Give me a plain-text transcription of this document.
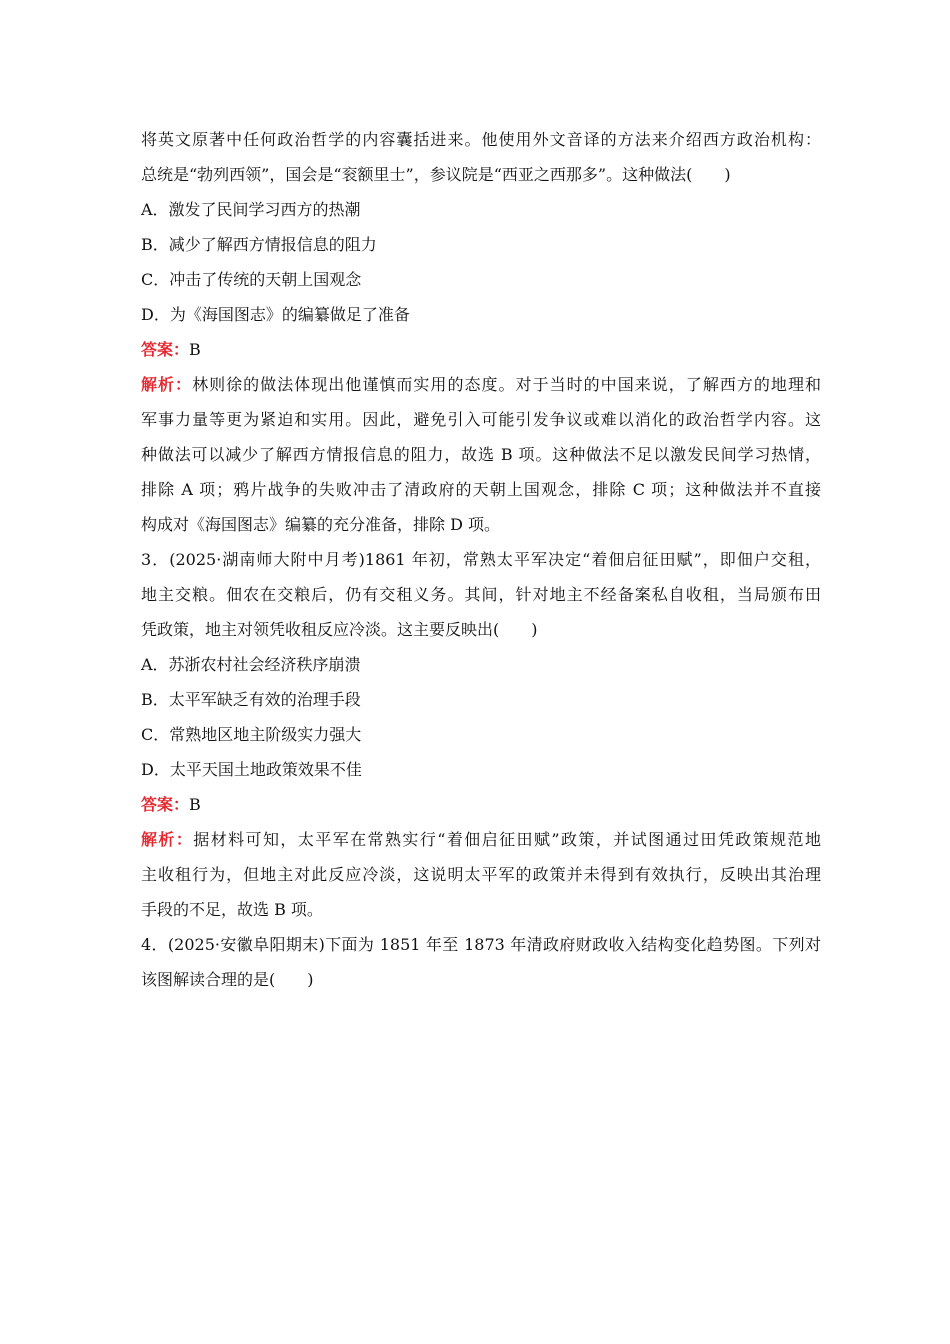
将英文原著中任何政治哲学的内容囊括进来。他使用外文音译的方法来介绍西方政治机构：
总统是“勃列西领”，国会是“衮额里士”，参议院是“西亚之西那多”。这种做法(　　)
A．激发了民间学习西方的热潮
B．减少了解西方情报信息的阻力
C．冲击了传统的天朝上国观念
D．为《海国图志》的编纂做足了准备
答案：B
解析：林则徐的做法体现出他谨慎而实用的态度。对于当时的中国来说，了解西方的地理和
军事力量等更为紧迫和实用。因此，避免引入可能引发争议或难以消化的政治哲学内容。这
种做法可以减少了解西方情报信息的阻力，故选 B 项。这种做法不足以激发民间学习热情，
排除 A 项；鸦片战争的失败冲击了清政府的天朝上国观念，排除 C 项；这种做法并不直接
构成对《海国图志》编纂的充分准备，排除 D 项。
3．(2025·湖南师大附中月考)1861 年初，常熟太平军决定“着佃启征田赋”，即佃户交租，
地主交粮。佃农在交粮后，仍有交租义务。其间，针对地主不经备案私自收租，当局颁布田
凭政策，地主对领凭收租反应冷淡。这主要反映出(　　)
A．苏浙农村社会经济秩序崩溃
B．太平军缺乏有效的治理手段
C．常熟地区地主阶级实力强大
D．太平天国土地政策效果不佳
答案：B
解析：据材料可知，太平军在常熟实行“着佃启征田赋”政策，并试图通过田凭政策规范地
主收租行为，但地主对此反应冷淡，这说明太平军的政策并未得到有效执行，反映出其治理
手段的不足，故选 B 项。
4．(2025·安徽阜阳期末)下面为 1851 年至 1873 年清政府财政收入结构变化趋势图。下列对
该图解读合理的是(　　)
